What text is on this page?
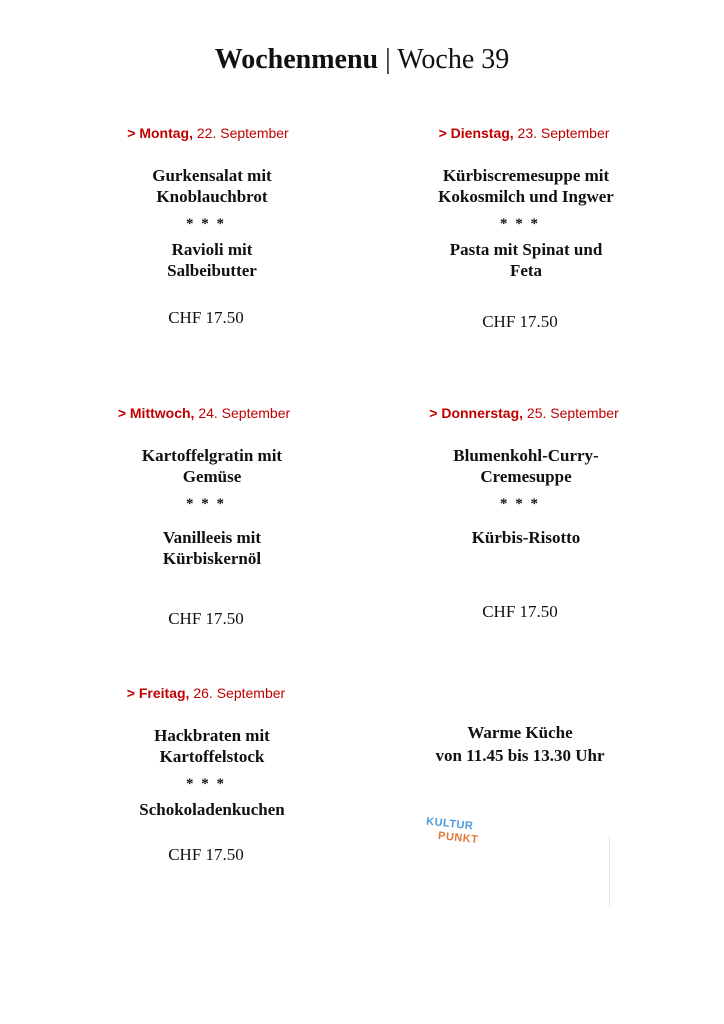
Wochenmenu | Woche 39
> Montag, 22. September
Gurkensalat mit Knoblauchbrot
* * *
Ravioli mit Salbeibutter
CHF 17.50
> Dienstag, 23. September
Kürbiscremesuppe mit Kokosmilch und Ingwer
* * *
Pasta mit Spinat und Feta
CHF 17.50
> Mittwoch, 24. September
Kartoffelgratin mit Gemüse
* * *
Vanilleeis mit Kürbiskernöl
CHF 17.50
> Donnerstag, 25. September
Blumenkohl-Curry-Cremesuppe
* * *
Kürbis-Risotto
CHF 17.50
> Freitag, 26. September
Hackbraten mit Kartoffelstock
* * *
Schokoladenkuchen
CHF 17.50
Warme Küche
von 11.45 bis 13.30 Uhr
KULTUR
PUNKT
